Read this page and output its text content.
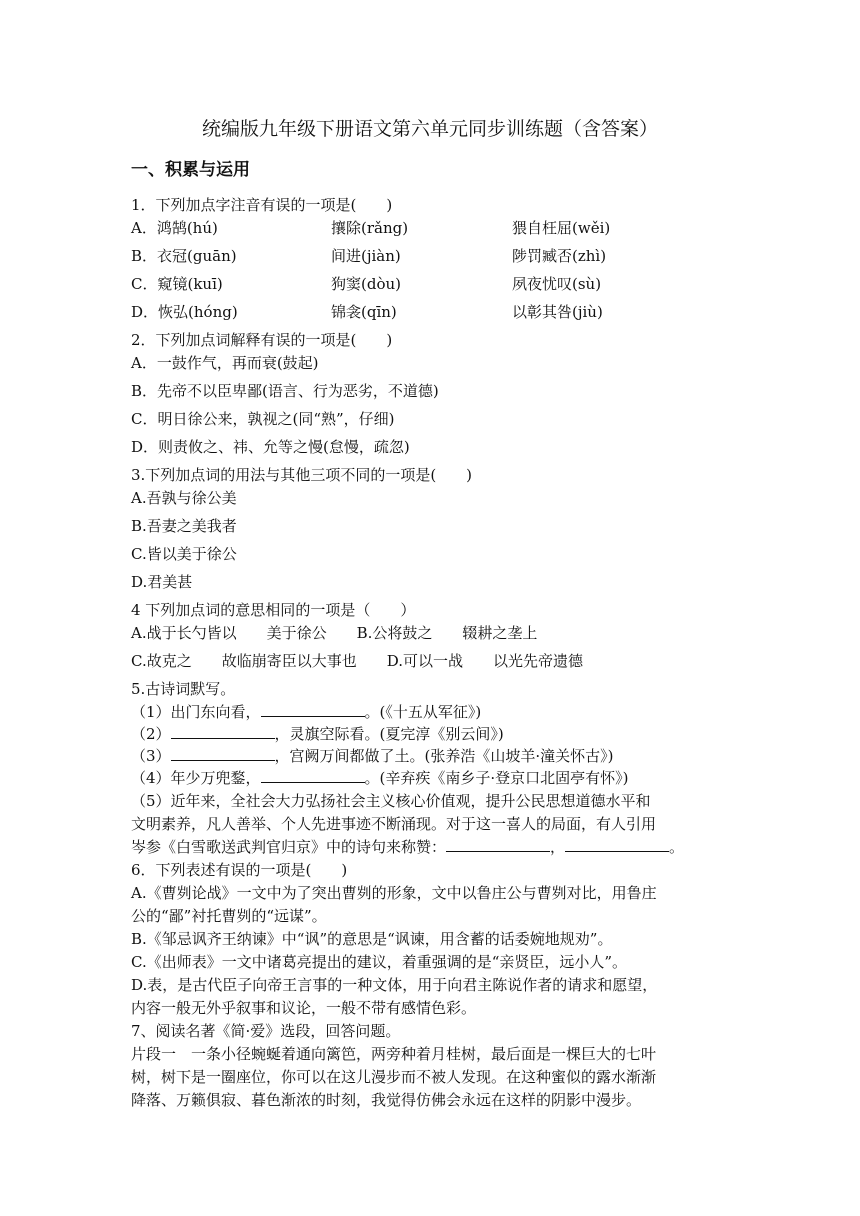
统编版九年级下册语文第六单元同步训练题（含答案）
一、积累与运用
1．下列加点字注音有误的一项是(　　)
A．鸿鹄(hú)	攘除(rǎng)	猥自枉屈(wěi)
B．衣冠(guān)	间进(jiàn)	陟罚臧否(zhì)
C．窥镜(kuī)	狗窦(dòu)	夙夜忧叹(sù)
D．恢弘(hóng)	锦衾(qīn)	以彰其咎(jiù)
2．下列加点词解释有误的一项是(　　)
A．一鼓作气，再而衰(鼓起)
B．先帝不以臣卑鄙(语言、行为恶劣，不道德)
C．明日徐公来，孰视之(同“熟”，仔细)
D．则责攸之、祎、允等之慢(怠慢，疏忽)
3.下列加点词的用法与其他三项不同的一项是(　　)
A.吾孰与徐公美
B.吾妻之美我者
C.皆以美于徐公
D.君美甚
4 下列加点词的意思相同的一项是（　　）
A.战于长勺皆以　　美于徐公　　B.公将鼓之　　辍耕之垄上
C.故克之　　故临崩寄臣以大事也　　D.可以一战　　以光先帝遗德
5.古诗词默写。
（1）出门东向看，	。(《十五从军征》)
（2）	，灵旗空际看。(夏完淳《别云间》)
（3）	，宫阙万间都做了土。(张养浩《山坡羊·潼关怀古》)
（4）年少万兜鍪，	。(辛弃疾《南乡子·登京口北固亭有怀》)
（5）近年来，全社会大力弘扬社会主义核心价值观，提升公民思想道德水平和
文明素养，凡人善举、个人先进事迹不断涌现。对于这一喜人的局面，有人引用
岑参《白雪歌送武判官归京》中的诗句来称赞：	，	。
6．下列表述有误的一项是(　　)
A.《曹刿论战》一文中为了突出曹刿的形象，文中以鲁庄公与曹刿对比，用鲁庄
公的“鄙”衬托曹刿的“远谋”。
B.《邹忌讽齐王纳谏》中“讽”的意思是“讽谏，用含蓄的话委婉地规劝”。
C.《出师表》一文中诸葛亮提出的建议，着重强调的是“亲贤臣，远小人”。
D.表，是古代臣子向帝王言事的一种文体，用于向君主陈说作者的请求和愿望，
内容一般无外乎叙事和议论，一般不带有感情色彩。
7、阅读名著《简·爱》选段，回答问题。
片段一　一条小径蜿蜒着通向篱笆，两旁种着月桂树，最后面是一棵巨大的七叶
树，树下是一圈座位，你可以在这儿漫步而不被人发现。在这种蜜似的露水渐渐
降落、万籁俱寂、暮色渐浓的时刻，我觉得仿佛会永远在这样的阴影中漫步。
